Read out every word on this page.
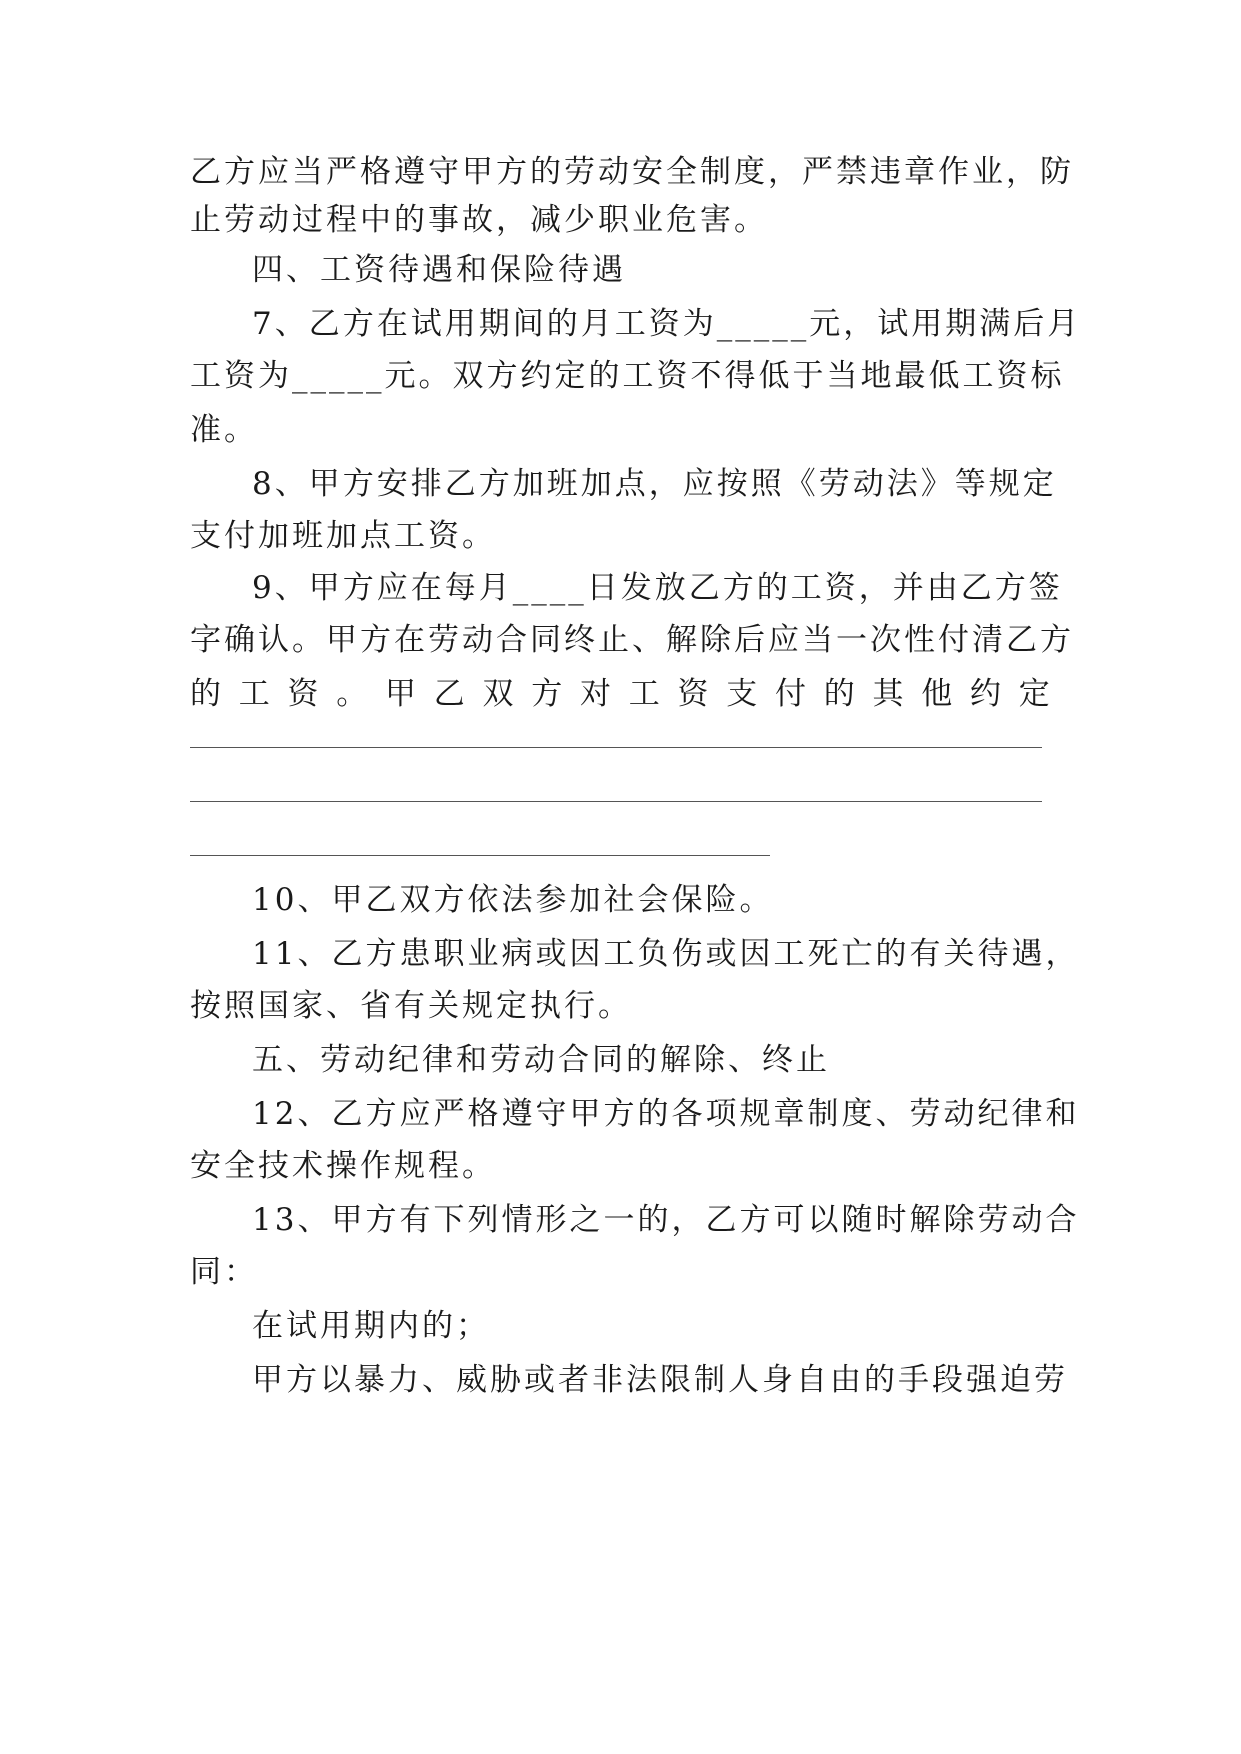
乙方应当严格遵守甲方的劳动安全制度，严禁违章作业，防
止劳动过程中的事故，减少职业危害。
四、工资待遇和保险待遇
7、乙方在试用期间的月工资为_____元，试用期满后月
工资为_____元。双方约定的工资不得低于当地最低工资标
准。
8、甲方安排乙方加班加点，应按照《劳动法》等规定
支付加班加点工资。
9、甲方应在每月____日发放乙方的工资，并由乙方签
字确认。甲方在劳动合同终止、解除后应当一次性付清乙方
的 工 资 。 甲 乙 双 方 对 工 资 支 付 的 其 他 约 定
10、甲乙双方依法参加社会保险。
11、乙方患职业病或因工负伤或因工死亡的有关待遇，
按照国家、省有关规定执行。
五、劳动纪律和劳动合同的解除、终止
12、乙方应严格遵守甲方的各项规章制度、劳动纪律和
安全技术操作规程。
13、甲方有下列情形之一的，乙方可以随时解除劳动合
同：
在试用期内的；
甲方以暴力、威胁或者非法限制人身自由的手段强迫劳
